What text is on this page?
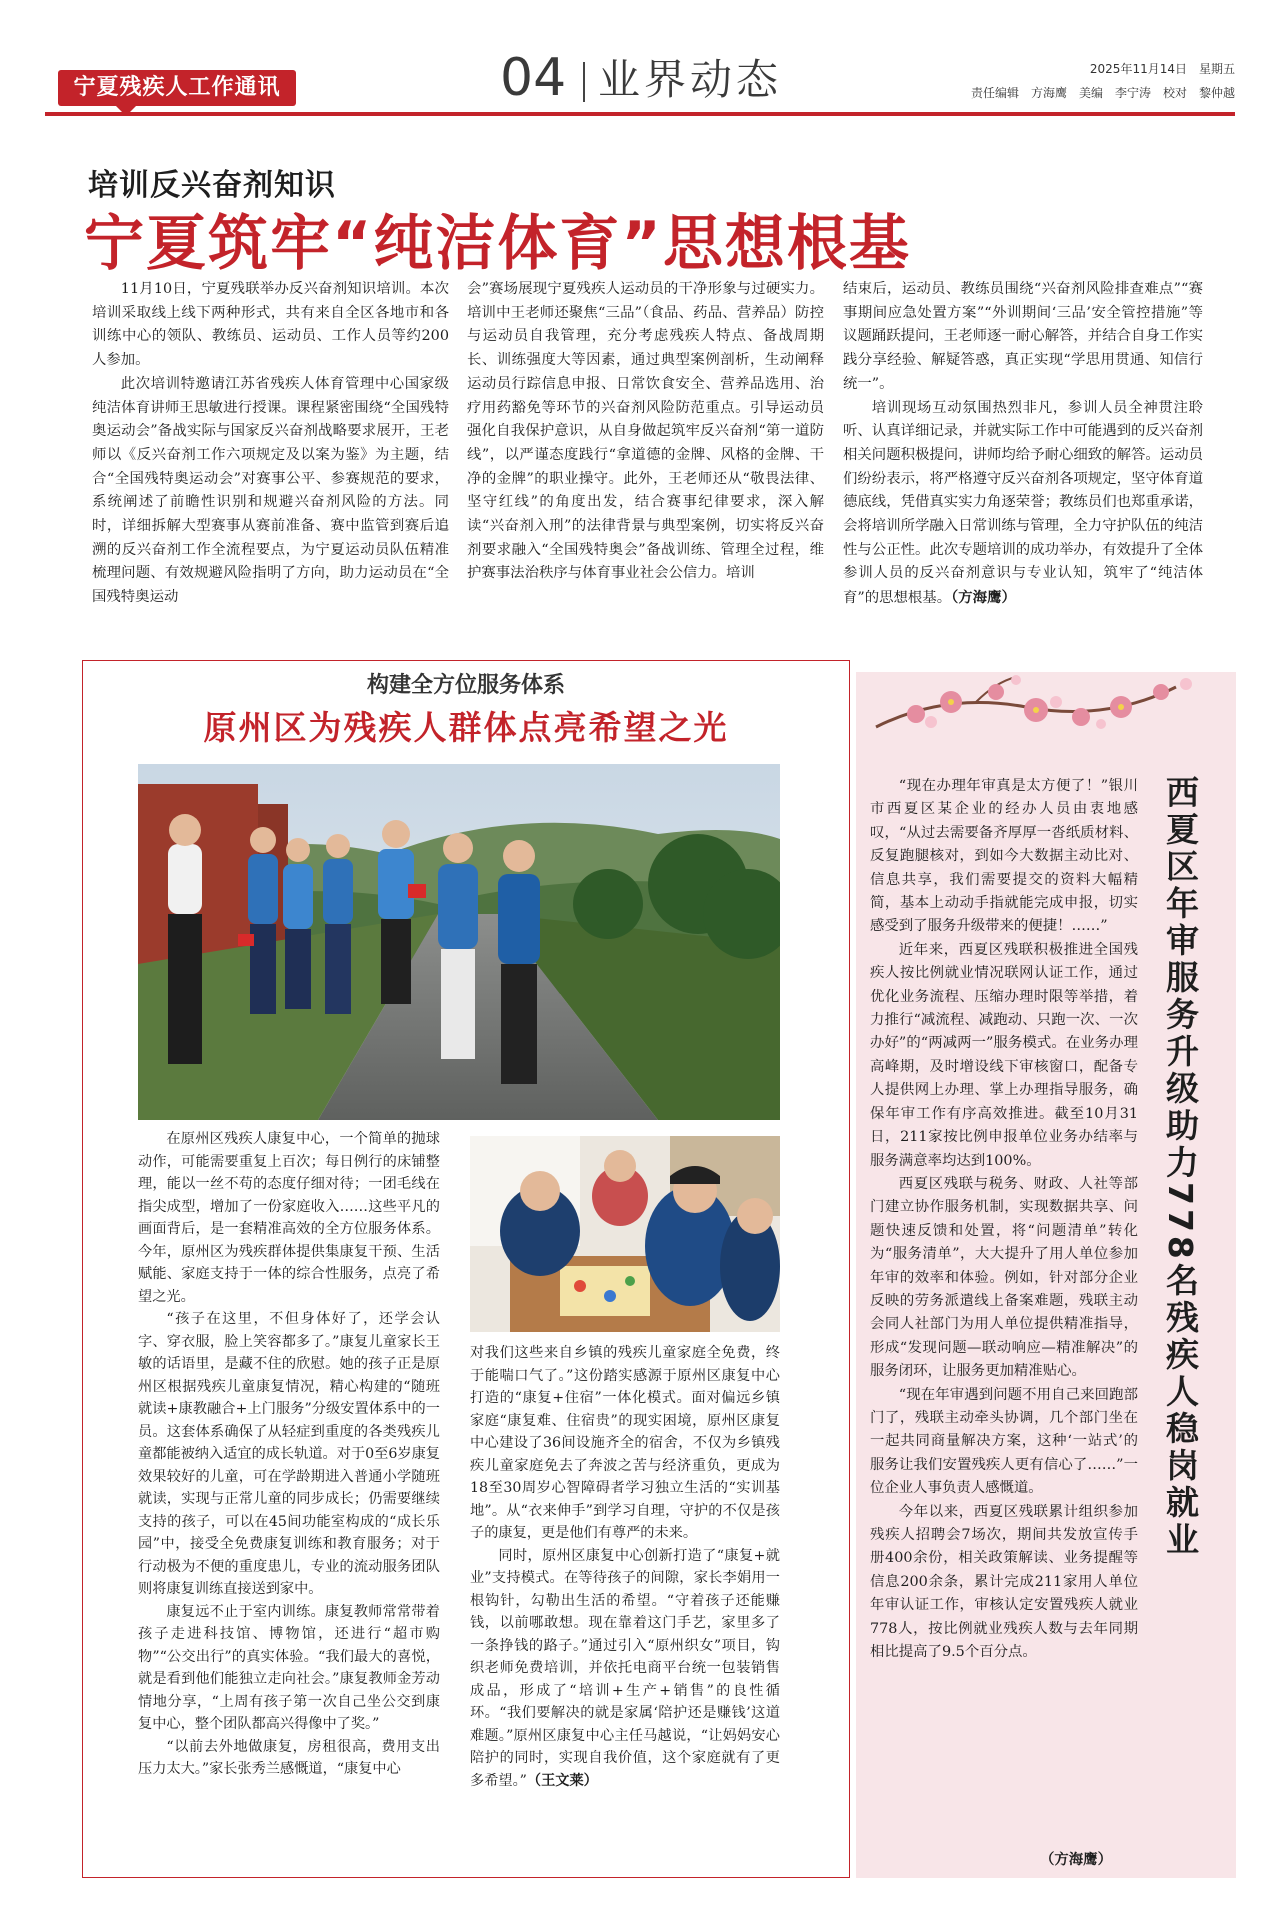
宁夏残疾人工作通讯	04 业界动态	2025年11月14日　星期五
责任编辑　方海鹰　美编　李宁涛　校对　黎仲越
培训反兴奋剂知识
宁夏筑牢“纯洁体育”思想根基

11月10日，宁夏残联举办反兴奋剂知识培训。本次培训采取线上线下两种形式，共有来自全区各地市和各训练中心的领队、教练员、运动员、工作人员等约200人参加。

此次培训特邀请江苏省残疾人体育管理中心国家级纯洁体育讲师王思敏进行授课。课程紧密围绕“全国残特奥运动会”备战实际与国家反兴奋剂战略要求展开，王老师以《反兴奋剂工作六项规定及以案为鉴》为主题，结合“全国残特奥运动会”对赛事公平、参赛规范的要求，系统阐述了前瞻性识别和规避兴奋剂风险的方法。同时，详细拆解大型赛事从赛前准备、赛中监管到赛后追溯的反兴奋剂工作全流程要点，为宁夏运动员队伍精准梳理问题、有效规避风险指明了方向，助力运动员在“全国残特奥运动

会”赛场展现宁夏残疾人运动员的干净形象与过硬实力。培训中王老师还聚焦“三品”（食品、药品、营养品）防控与运动员自我管理，充分考虑残疾人特点、备战周期长、训练强度大等因素，通过典型案例剖析，生动阐释运动员行踪信息申报、日常饮食安全、营养品选用、治疗用药豁免等环节的兴奋剂风险防范重点。引导运动员强化自我保护意识，从自身做起筑牢反兴奋剂“第一道防线”，以严谨态度践行“拿道德的金牌、风格的金牌、干净的金牌”的职业操守。此外，王老师还从“敬畏法律、坚守红线”的角度出发，结合赛事纪律要求，深入解读“兴奋剂入刑”的法律背景与典型案例，切实将反兴奋剂要求融入“全国残特奥会”备战训练、管理全过程，维护赛事法治秩序与体育事业社会公信力。培训

结束后，运动员、教练员围绕“兴奋剂风险排查难点”“赛事期间应急处置方案”“外训期间‘三品’安全管控措施”等议题踊跃提问，王老师逐一耐心解答，并结合自身工作实践分享经验、解疑答惑，真正实现“学思用贯通、知信行统一”。

培训现场互动氛围热烈非凡，参训人员全神贯注聆听、认真详细记录，并就实际工作中可能遇到的反兴奋剂相关问题积极提问，讲师均给予耐心细致的解答。运动员们纷纷表示，将严格遵守反兴奋剂各项规定，坚守体育道德底线，凭借真实实力角逐荣誉；教练员们也郑重承诺，会将培训所学融入日常训练与管理，全力守护队伍的纯洁性与公正性。此次专题培训的成功举办，有效提升了全体参训人员的反兴奋剂意识与专业认知，筑牢了“纯洁体育”的思想根基。（方海鹰）

构建全方位服务体系
原州区为残疾人群体点亮希望之光

在原州区残疾人康复中心，一个简单的抛球动作，可能需要重复上百次；每日例行的床铺整理，能以一丝不苟的态度仔细对待；一团毛线在指尖成型，增加了一份家庭收入……这些平凡的画面背后，是一套精准高效的全方位服务体系。今年，原州区为残疾群体提供集康复干预、生活赋能、家庭支持于一体的综合性服务，点亮了希望之光。

“孩子在这里，不但身体好了，还学会认字、穿衣服，脸上笑容都多了。”康复儿童家长王敏的话语里，是藏不住的欣慰。她的孩子正是原州区根据残疾儿童康复情况，精心构建的“随班就读+康教融合+上门服务”分级安置体系中的一员。这套体系确保了从轻症到重度的各类残疾儿童都能被纳入适宜的成长轨道。对于0至6岁康复效果较好的儿童，可在学龄期进入普通小学随班就读，实现与正常儿童的同步成长；仍需要继续支持的孩子，可以在45间功能室构成的“成长乐园”中，接受全免费康复训练和教育服务；对于行动极为不便的重度患儿，专业的流动服务团队则将康复训练直接送到家中。

康复远不止于室内训练。康复教师常常带着孩子走进科技馆、博物馆，还进行“超市购物”“公交出行”的真实体验。“我们最大的喜悦，就是看到他们能独立走向社会。”康复教师金芳动情地分享，“上周有孩子第一次自己坐公交到康复中心，整个团队都高兴得像中了奖。”

“以前去外地做康复，房租很高，费用支出压力太大。”家长张秀兰感慨道，“康复中心

对我们这些来自乡镇的残疾儿童家庭全免费，终于能喘口气了。”这份踏实感源于原州区康复中心打造的“康复+住宿”一体化模式。面对偏远乡镇家庭“康复难、住宿贵”的现实困境，原州区康复中心建设了36间设施齐全的宿舍，不仅为乡镇残疾儿童家庭免去了奔波之苦与经济重负，更成为18至30周岁心智障碍者学习独立生活的“实训基地”。从“衣来伸手”到学习自理，守护的不仅是孩子的康复，更是他们有尊严的未来。

同时，原州区康复中心创新打造了“康复+就业”支持模式。在等待孩子的间隙，家长李娟用一根钩针，勾勒出生活的希望。“守着孩子还能赚钱，以前哪敢想。现在靠着这门手艺，家里多了一条挣钱的路子。”通过引入“原州织女”项目，钩织老师免费培训，并依托电商平台统一包装销售成品，形成了“培训+生产+销售”的良性循环。“我们要解决的就是家属‘陪护还是赚钱’这道难题。”原州区康复中心主任马越说，“让妈妈安心陪护的同时，实现自我价值，这个家庭就有了更多希望。”（王文莱）

西夏区年审服务升级助力778名残疾人稳岗就业

“现在办理年审真是太方便了！”银川市西夏区某企业的经办人员由衷地感叹，“从过去需要备齐厚厚一沓纸质材料、反复跑腿核对，到如今大数据主动比对、信息共享，我们需要提交的资料大幅精简，基本上动动手指就能完成申报，切实感受到了服务升级带来的便捷！……”

近年来，西夏区残联积极推进全国残疾人按比例就业情况联网认证工作，通过优化业务流程、压缩办理时限等举措，着力推行“减流程、减跑动、只跑一次、一次办好”的“两减两一”服务模式。在业务办理高峰期，及时增设线下审核窗口，配备专人提供网上办理、掌上办理指导服务，确保年审工作有序高效推进。截至10月31日，211家按比例申报单位业务办结率与服务满意率均达到100%。

西夏区残联与税务、财政、人社等部门建立协作服务机制，实现数据共享、问题快速反馈和处置，将“问题清单”转化为“服务清单”，大大提升了用人单位参加年审的效率和体验。例如，针对部分企业反映的劳务派遣线上备案难题，残联主动会同人社部门为用人单位提供精准指导，形成“发现问题—联动响应—精准解决”的服务闭环，让服务更加精准贴心。

“现在年审遇到问题不用自己来回跑部门了，残联主动牵头协调，几个部门坐在一起共同商量解决方案，这种‘一站式’的服务让我们安置残疾人更有信心了……”一位企业人事负责人感慨道。

今年以来，西夏区残联累计组织参加残疾人招聘会7场次，期间共发放宣传手册400余份，相关政策解读、业务提醒等信息200余条，累计完成211家用人单位年审认证工作，审核认定安置残疾人就业778人，按比例就业残疾人数与去年同期相比提高了9.5个百分点。

（方海鹰）
